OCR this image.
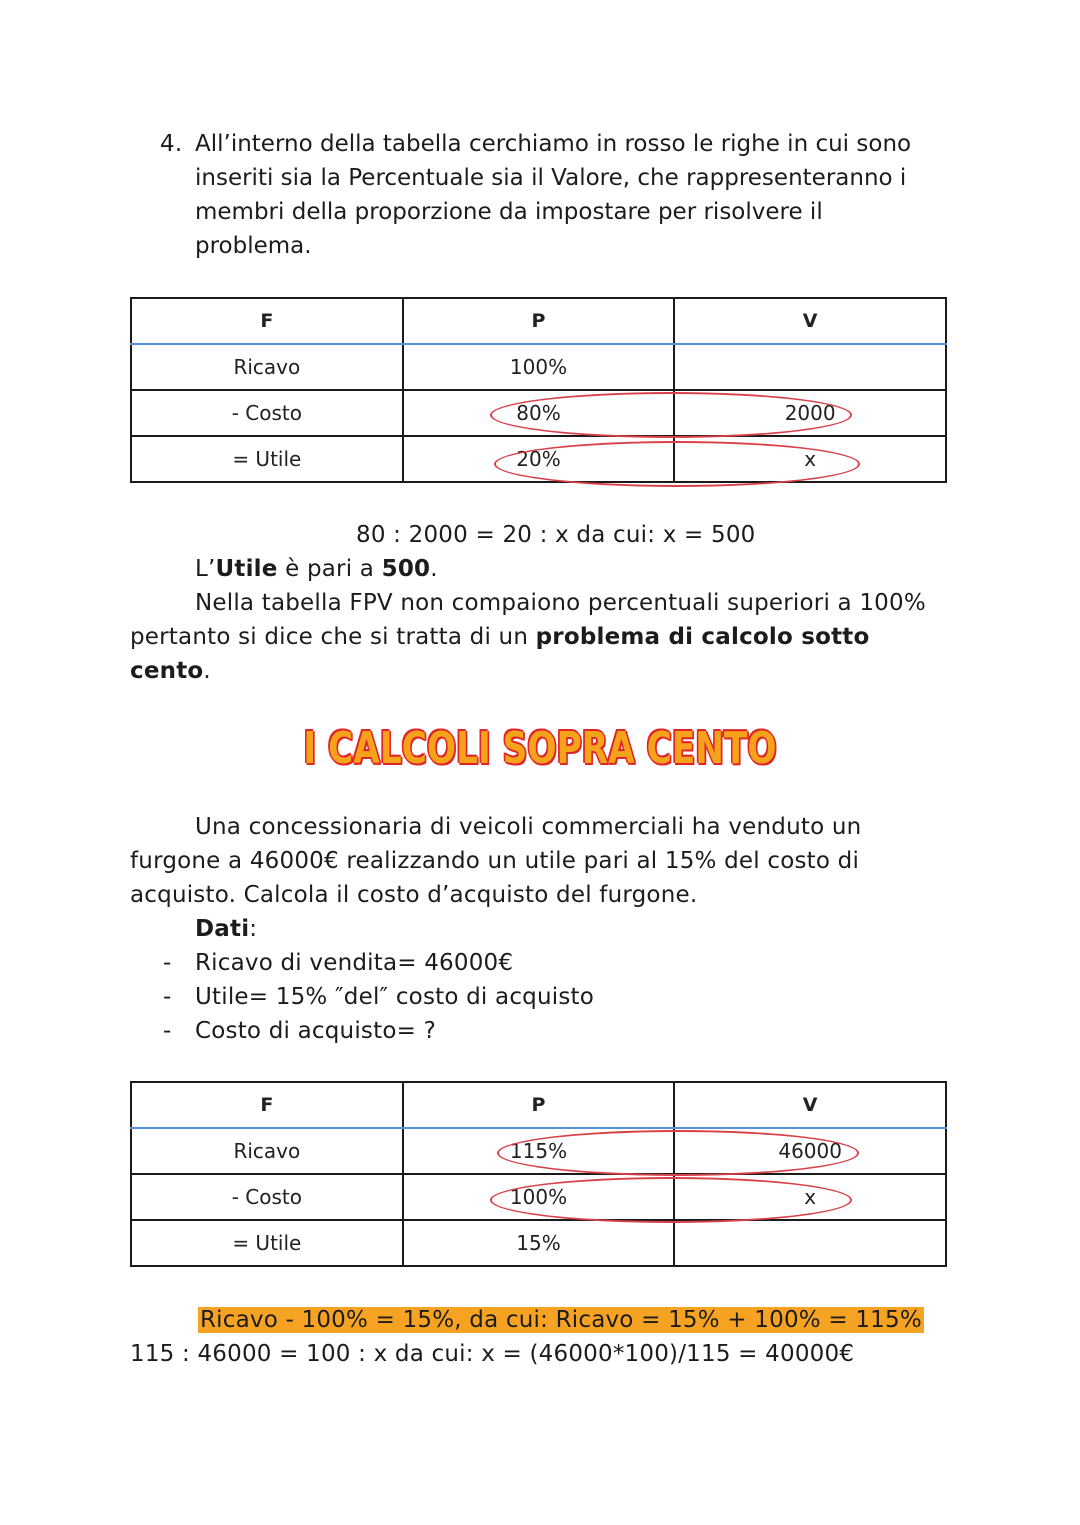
4. All’interno della tabella cerchiamo in rosso le righe in cui sono
inseriti sia la Percentuale sia il Valore, che rappresenteranno i
membri della proporzione da impostare per risolvere il
problema.
F	P	V
Ricavo	100%	
- Costo	80%	2000
= Utile	20%	x
80 : 2000 = 20 : x da cui: x = 500
L’Utile è pari a 500.
Nella tabella FPV non compaiono percentuali superiori a 100%
pertanto si dice che si tratta di un problema di calcolo sotto
cento.
I CALCOLI SOPRA CENTO
Una concessionaria di veicoli commerciali ha venduto un
furgone a 46000€ realizzando un utile pari al 15% del costo di
acquisto. Calcola il costo d’acquisto del furgone.
Dati:
- Ricavo di vendita= 46000€
- Utile= 15% ″del″ costo di acquisto
- Costo di acquisto= ?
F	P	V
Ricavo	115%	46000
- Costo	100%	x
= Utile	15%	
Ricavo - 100% = 15%, da cui: Ricavo = 15% + 100% = 115%
115 : 46000 = 100 : x da cui: x = (46000*100)/115 = 40000€
